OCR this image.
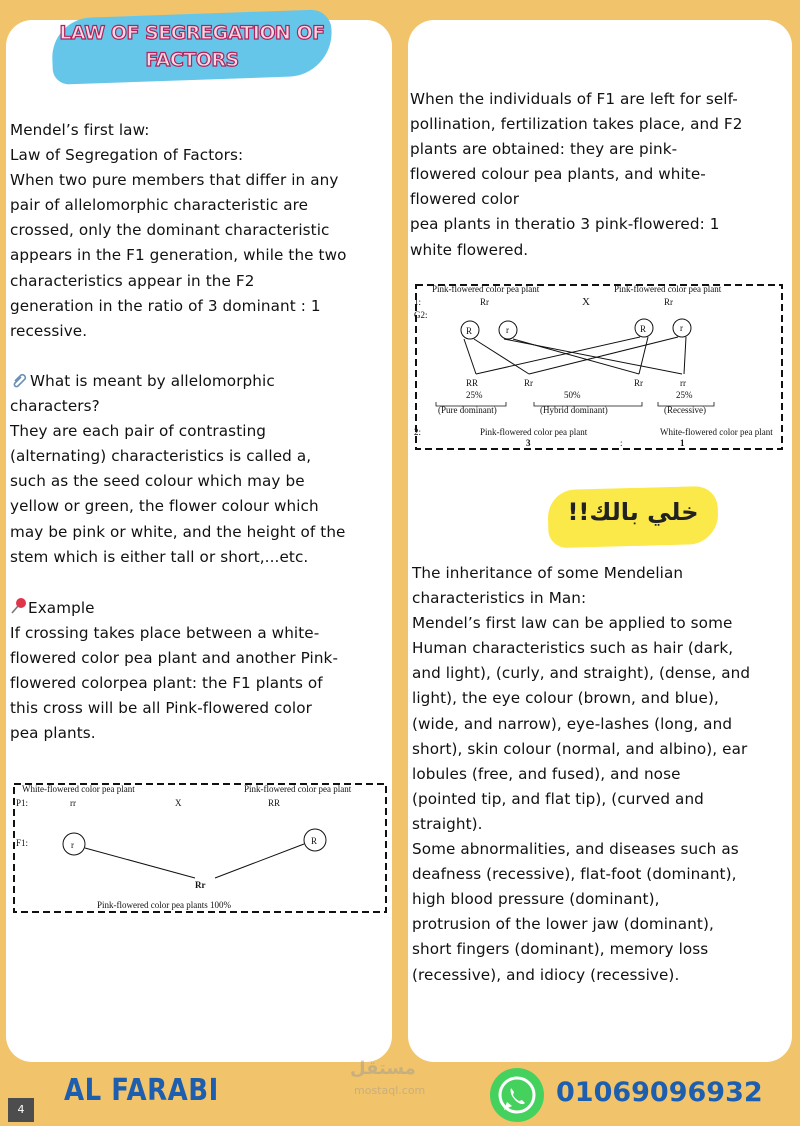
LAW OF SEGREGATION OF FACTORS
Mendel’s first law:
Law of Segregation of Factors:
When two pure members that differ in any
pair of allelomorphic characteristic are
crossed, only the dominant characteristic
appears in the F1 generation, while the two
characteristics appear in the F2
generation in the ratio of 3 dominant : 1
recessive.
What is meant by allelomorphic
characters?
They are each pair of contrasting
(alternating) characteristics is called a,
such as the seed colour which may be
yellow or green, the flower colour which
may be pink or white, and the height of the
stem which is either tall or short,...etc.
Example
If crossing takes place between a white-
flowered color pea plant and another Pink-
flowered colorpea plant: the F1 plants of
this cross will be all Pink-flowered color
pea plants.
White-flowered color pea plant	Pink-flowered color pea plant
P1:	rr	X	RR
F1:	r	R
Rr
Pink-flowered color pea plants 100%
When the individuals of F1 are left for self-
pollination, fertilization takes place, and F2
plants are obtained: they are pink-
flowered colour pea plants, and white-
flowered color
pea plants in theratio 3 pink-flowered: 1
white flowered.
Pink-flowered color pea plant	Pink-flowered color pea plant
1:	Rr	X	Rr
G2:
R	r	R	r
RR	Rr	Rr	rr
25%	50%	25%
(Pure dominant)	(Hybrid dominant)	(Recessive)
2:	Pink-flowered color pea plant	White-flowered color pea plant
3	:	1
خلي بالك!!
The inheritance of some Mendelian
characteristics in Man:
Mendel’s first law can be applied to some
Human characteristics such as hair (dark,
and light), (curly, and straight), (dense, and
light), the eye colour (brown, and blue),
(wide, and narrow), eye-lashes (long, and
short), skin colour (normal, and albino), ear
lobules (free, and fused), and nose
(pointed tip, and flat tip), (curved and
straight).
Some abnormalities, and diseases such as
deafness (recessive), flat-foot (dominant),
high blood pressure (dominant),
protrusion of the lower jaw (dominant),
short fingers (dominant), memory loss
(recessive), and idiocy (recessive).
4
AL FARABI
مستقل
mostaql.com	01069096932
